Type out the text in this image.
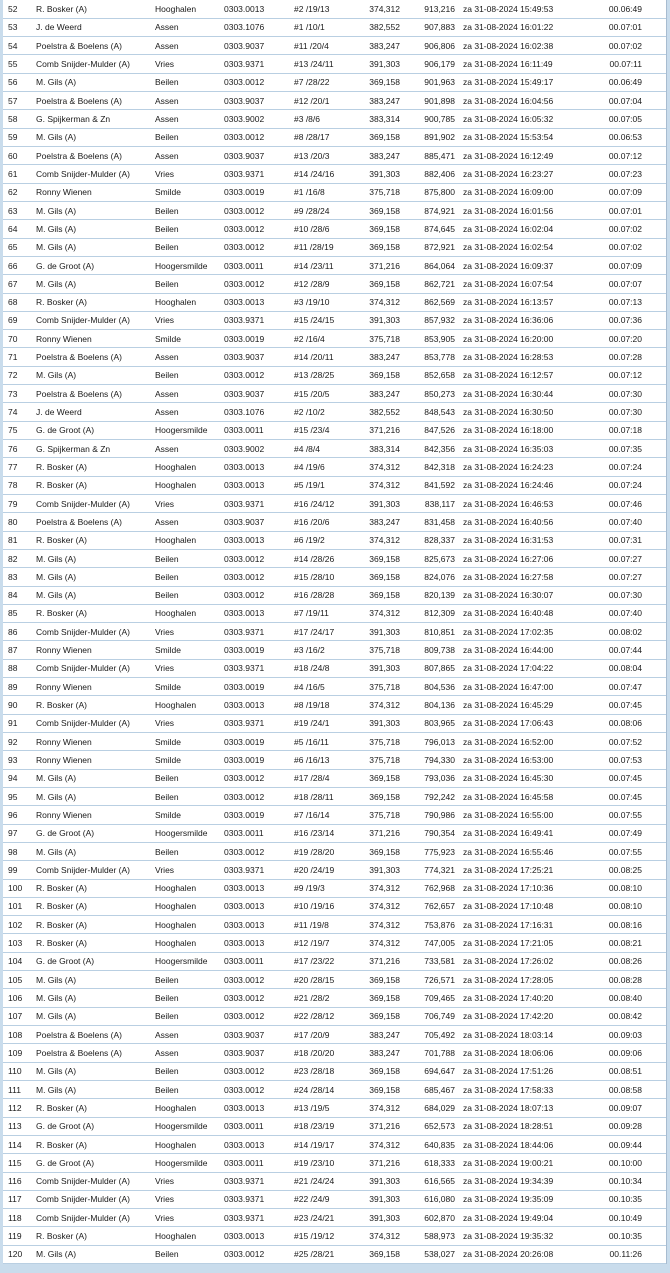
52	R. Bosker (A)	Hooghalen	0303.0013	#2 /19/13	374,312	913,216	za 31-08-2024 15:49:53	00.06:49
53	J. de Weerd	Assen	0303.1076	#1 /10/1	382,552	907,883	za 31-08-2024 16:01:22	00.07:01
54	Poelstra & Boelens (A)	Assen	0303.9037	#11 /20/4	383,247	906,806	za 31-08-2024 16:02:38	00.07:02
55	Comb Snijder-Mulder (A)	Vries	0303.9371	#13 /24/11	391,303	906,179	za 31-08-2024 16:11:49	00.07:11
56	M. Gils (A)	Beilen	0303.0012	#7 /28/22	369,158	901,963	za 31-08-2024 15:49:17	00.06:49
57	Poelstra & Boelens (A)	Assen	0303.9037	#12 /20/1	383,247	901,898	za 31-08-2024 16:04:56	00.07:04
58	G. Spijkerman & Zn	Assen	0303.9002	#3 /8/6	383,314	900,785	za 31-08-2024 16:05:32	00.07:05
59	M. Gils (A)	Beilen	0303.0012	#8 /28/17	369,158	891,902	za 31-08-2024 15:53:54	00.06:53
60	Poelstra & Boelens (A)	Assen	0303.9037	#13 /20/3	383,247	885,471	za 31-08-2024 16:12:49	00.07:12
61	Comb Snijder-Mulder (A)	Vries	0303.9371	#14 /24/16	391,303	882,406	za 31-08-2024 16:23:27	00.07:23
62	Ronny Wienen	Smilde	0303.0019	#1 /16/8	375,718	875,800	za 31-08-2024 16:09:00	00.07:09
63	M. Gils (A)	Beilen	0303.0012	#9 /28/24	369,158	874,921	za 31-08-2024 16:01:56	00.07:01
64	M. Gils (A)	Beilen	0303.0012	#10 /28/6	369,158	874,645	za 31-08-2024 16:02:04	00.07:02
65	M. Gils (A)	Beilen	0303.0012	#11 /28/19	369,158	872,921	za 31-08-2024 16:02:54	00.07:02
66	G. de Groot (A)	Hoogersmilde	0303.0011	#14 /23/11	371,216	864,064	za 31-08-2024 16:09:37	00.07:09
67	M. Gils (A)	Beilen	0303.0012	#12 /28/9	369,158	862,721	za 31-08-2024 16:07:54	00.07:07
68	R. Bosker (A)	Hooghalen	0303.0013	#3 /19/10	374,312	862,569	za 31-08-2024 16:13:57	00.07:13
69	Comb Snijder-Mulder (A)	Vries	0303.9371	#15 /24/15	391,303	857,932	za 31-08-2024 16:36:06	00.07:36
70	Ronny Wienen	Smilde	0303.0019	#2 /16/4	375,718	853,905	za 31-08-2024 16:20:00	00.07:20
71	Poelstra & Boelens (A)	Assen	0303.9037	#14 /20/11	383,247	853,778	za 31-08-2024 16:28:53	00.07:28
72	M. Gils (A)	Beilen	0303.0012	#13 /28/25	369,158	852,658	za 31-08-2024 16:12:57	00.07:12
73	Poelstra & Boelens (A)	Assen	0303.9037	#15 /20/5	383,247	850,273	za 31-08-2024 16:30:44	00.07:30
74	J. de Weerd	Assen	0303.1076	#2 /10/2	382,552	848,543	za 31-08-2024 16:30:50	00.07:30
75	G. de Groot (A)	Hoogersmilde	0303.0011	#15 /23/4	371,216	847,526	za 31-08-2024 16:18:00	00.07:18
76	G. Spijkerman & Zn	Assen	0303.9002	#4 /8/4	383,314	842,356	za 31-08-2024 16:35:03	00.07:35
77	R. Bosker (A)	Hooghalen	0303.0013	#4 /19/6	374,312	842,318	za 31-08-2024 16:24:23	00.07:24
78	R. Bosker (A)	Hooghalen	0303.0013	#5 /19/1	374,312	841,592	za 31-08-2024 16:24:46	00.07:24
79	Comb Snijder-Mulder (A)	Vries	0303.9371	#16 /24/12	391,303	838,117	za 31-08-2024 16:46:53	00.07:46
80	Poelstra & Boelens (A)	Assen	0303.9037	#16 /20/6	383,247	831,458	za 31-08-2024 16:40:56	00.07:40
81	R. Bosker (A)	Hooghalen	0303.0013	#6 /19/2	374,312	828,337	za 31-08-2024 16:31:53	00.07:31
82	M. Gils (A)	Beilen	0303.0012	#14 /28/26	369,158	825,673	za 31-08-2024 16:27:06	00.07:27
83	M. Gils (A)	Beilen	0303.0012	#15 /28/10	369,158	824,076	za 31-08-2024 16:27:58	00.07:27
84	M. Gils (A)	Beilen	0303.0012	#16 /28/28	369,158	820,139	za 31-08-2024 16:30:07	00.07:30
85	R. Bosker (A)	Hooghalen	0303.0013	#7 /19/11	374,312	812,309	za 31-08-2024 16:40:48	00.07:40
86	Comb Snijder-Mulder (A)	Vries	0303.9371	#17 /24/17	391,303	810,851	za 31-08-2024 17:02:35	00.08:02
87	Ronny Wienen	Smilde	0303.0019	#3 /16/2	375,718	809,738	za 31-08-2024 16:44:00	00.07:44
88	Comb Snijder-Mulder (A)	Vries	0303.9371	#18 /24/8	391,303	807,865	za 31-08-2024 17:04:22	00.08:04
89	Ronny Wienen	Smilde	0303.0019	#4 /16/5	375,718	804,536	za 31-08-2024 16:47:00	00.07:47
90	R. Bosker (A)	Hooghalen	0303.0013	#8 /19/18	374,312	804,136	za 31-08-2024 16:45:29	00.07:45
91	Comb Snijder-Mulder (A)	Vries	0303.9371	#19 /24/1	391,303	803,965	za 31-08-2024 17:06:43	00.08:06
92	Ronny Wienen	Smilde	0303.0019	#5 /16/11	375,718	796,013	za 31-08-2024 16:52:00	00.07:52
93	Ronny Wienen	Smilde	0303.0019	#6 /16/13	375,718	794,330	za 31-08-2024 16:53:00	00.07:53
94	M. Gils (A)	Beilen	0303.0012	#17 /28/4	369,158	793,036	za 31-08-2024 16:45:30	00.07:45
95	M. Gils (A)	Beilen	0303.0012	#18 /28/11	369,158	792,242	za 31-08-2024 16:45:58	00.07:45
96	Ronny Wienen	Smilde	0303.0019	#7 /16/14	375,718	790,986	za 31-08-2024 16:55:00	00.07:55
97	G. de Groot (A)	Hoogersmilde	0303.0011	#16 /23/14	371,216	790,354	za 31-08-2024 16:49:41	00.07:49
98	M. Gils (A)	Beilen	0303.0012	#19 /28/20	369,158	775,923	za 31-08-2024 16:55:46	00.07:55
99	Comb Snijder-Mulder (A)	Vries	0303.9371	#20 /24/19	391,303	774,321	za 31-08-2024 17:25:21	00.08:25
100	R. Bosker (A)	Hooghalen	0303.0013	#9 /19/3	374,312	762,968	za 31-08-2024 17:10:36	00.08:10
101	R. Bosker (A)	Hooghalen	0303.0013	#10 /19/16	374,312	762,657	za 31-08-2024 17:10:48	00.08:10
102	R. Bosker (A)	Hooghalen	0303.0013	#11 /19/8	374,312	753,876	za 31-08-2024 17:16:31	00.08:16
103	R. Bosker (A)	Hooghalen	0303.0013	#12 /19/7	374,312	747,005	za 31-08-2024 17:21:05	00.08:21
104	G. de Groot (A)	Hoogersmilde	0303.0011	#17 /23/22	371,216	733,581	za 31-08-2024 17:26:02	00.08:26
105	M. Gils (A)	Beilen	0303.0012	#20 /28/15	369,158	726,571	za 31-08-2024 17:28:05	00.08:28
106	M. Gils (A)	Beilen	0303.0012	#21 /28/2	369,158	709,465	za 31-08-2024 17:40:20	00.08:40
107	M. Gils (A)	Beilen	0303.0012	#22 /28/12	369,158	706,749	za 31-08-2024 17:42:20	00.08:42
108	Poelstra & Boelens (A)	Assen	0303.9037	#17 /20/9	383,247	705,492	za 31-08-2024 18:03:14	00.09:03
109	Poelstra & Boelens (A)	Assen	0303.9037	#18 /20/20	383,247	701,788	za 31-08-2024 18:06:06	00.09:06
110	M. Gils (A)	Beilen	0303.0012	#23 /28/18	369,158	694,647	za 31-08-2024 17:51:26	00.08:51
111	M. Gils (A)	Beilen	0303.0012	#24 /28/14	369,158	685,467	za 31-08-2024 17:58:33	00.08:58
112	R. Bosker (A)	Hooghalen	0303.0013	#13 /19/5	374,312	684,029	za 31-08-2024 18:07:13	00.09:07
113	G. de Groot (A)	Hoogersmilde	0303.0011	#18 /23/19	371,216	652,573	za 31-08-2024 18:28:51	00.09:28
114	R. Bosker (A)	Hooghalen	0303.0013	#14 /19/17	374,312	640,835	za 31-08-2024 18:44:06	00.09:44
115	G. de Groot (A)	Hoogersmilde	0303.0011	#19 /23/10	371,216	618,333	za 31-08-2024 19:00:21	00.10:00
116	Comb Snijder-Mulder (A)	Vries	0303.9371	#21 /24/24	391,303	616,565	za 31-08-2024 19:34:39	00.10:34
117	Comb Snijder-Mulder (A)	Vries	0303.9371	#22 /24/9	391,303	616,080	za 31-08-2024 19:35:09	00.10:35
118	Comb Snijder-Mulder (A)	Vries	0303.9371	#23 /24/21	391,303	602,870	za 31-08-2024 19:49:04	00.10:49
119	R. Bosker (A)	Hooghalen	0303.0013	#15 /19/12	374,312	588,973	za 31-08-2024 19:35:32	00.10:35
120	M. Gils (A)	Beilen	0303.0012	#25 /28/21	369,158	538,027	za 31-08-2024 20:26:08	00.11:26
